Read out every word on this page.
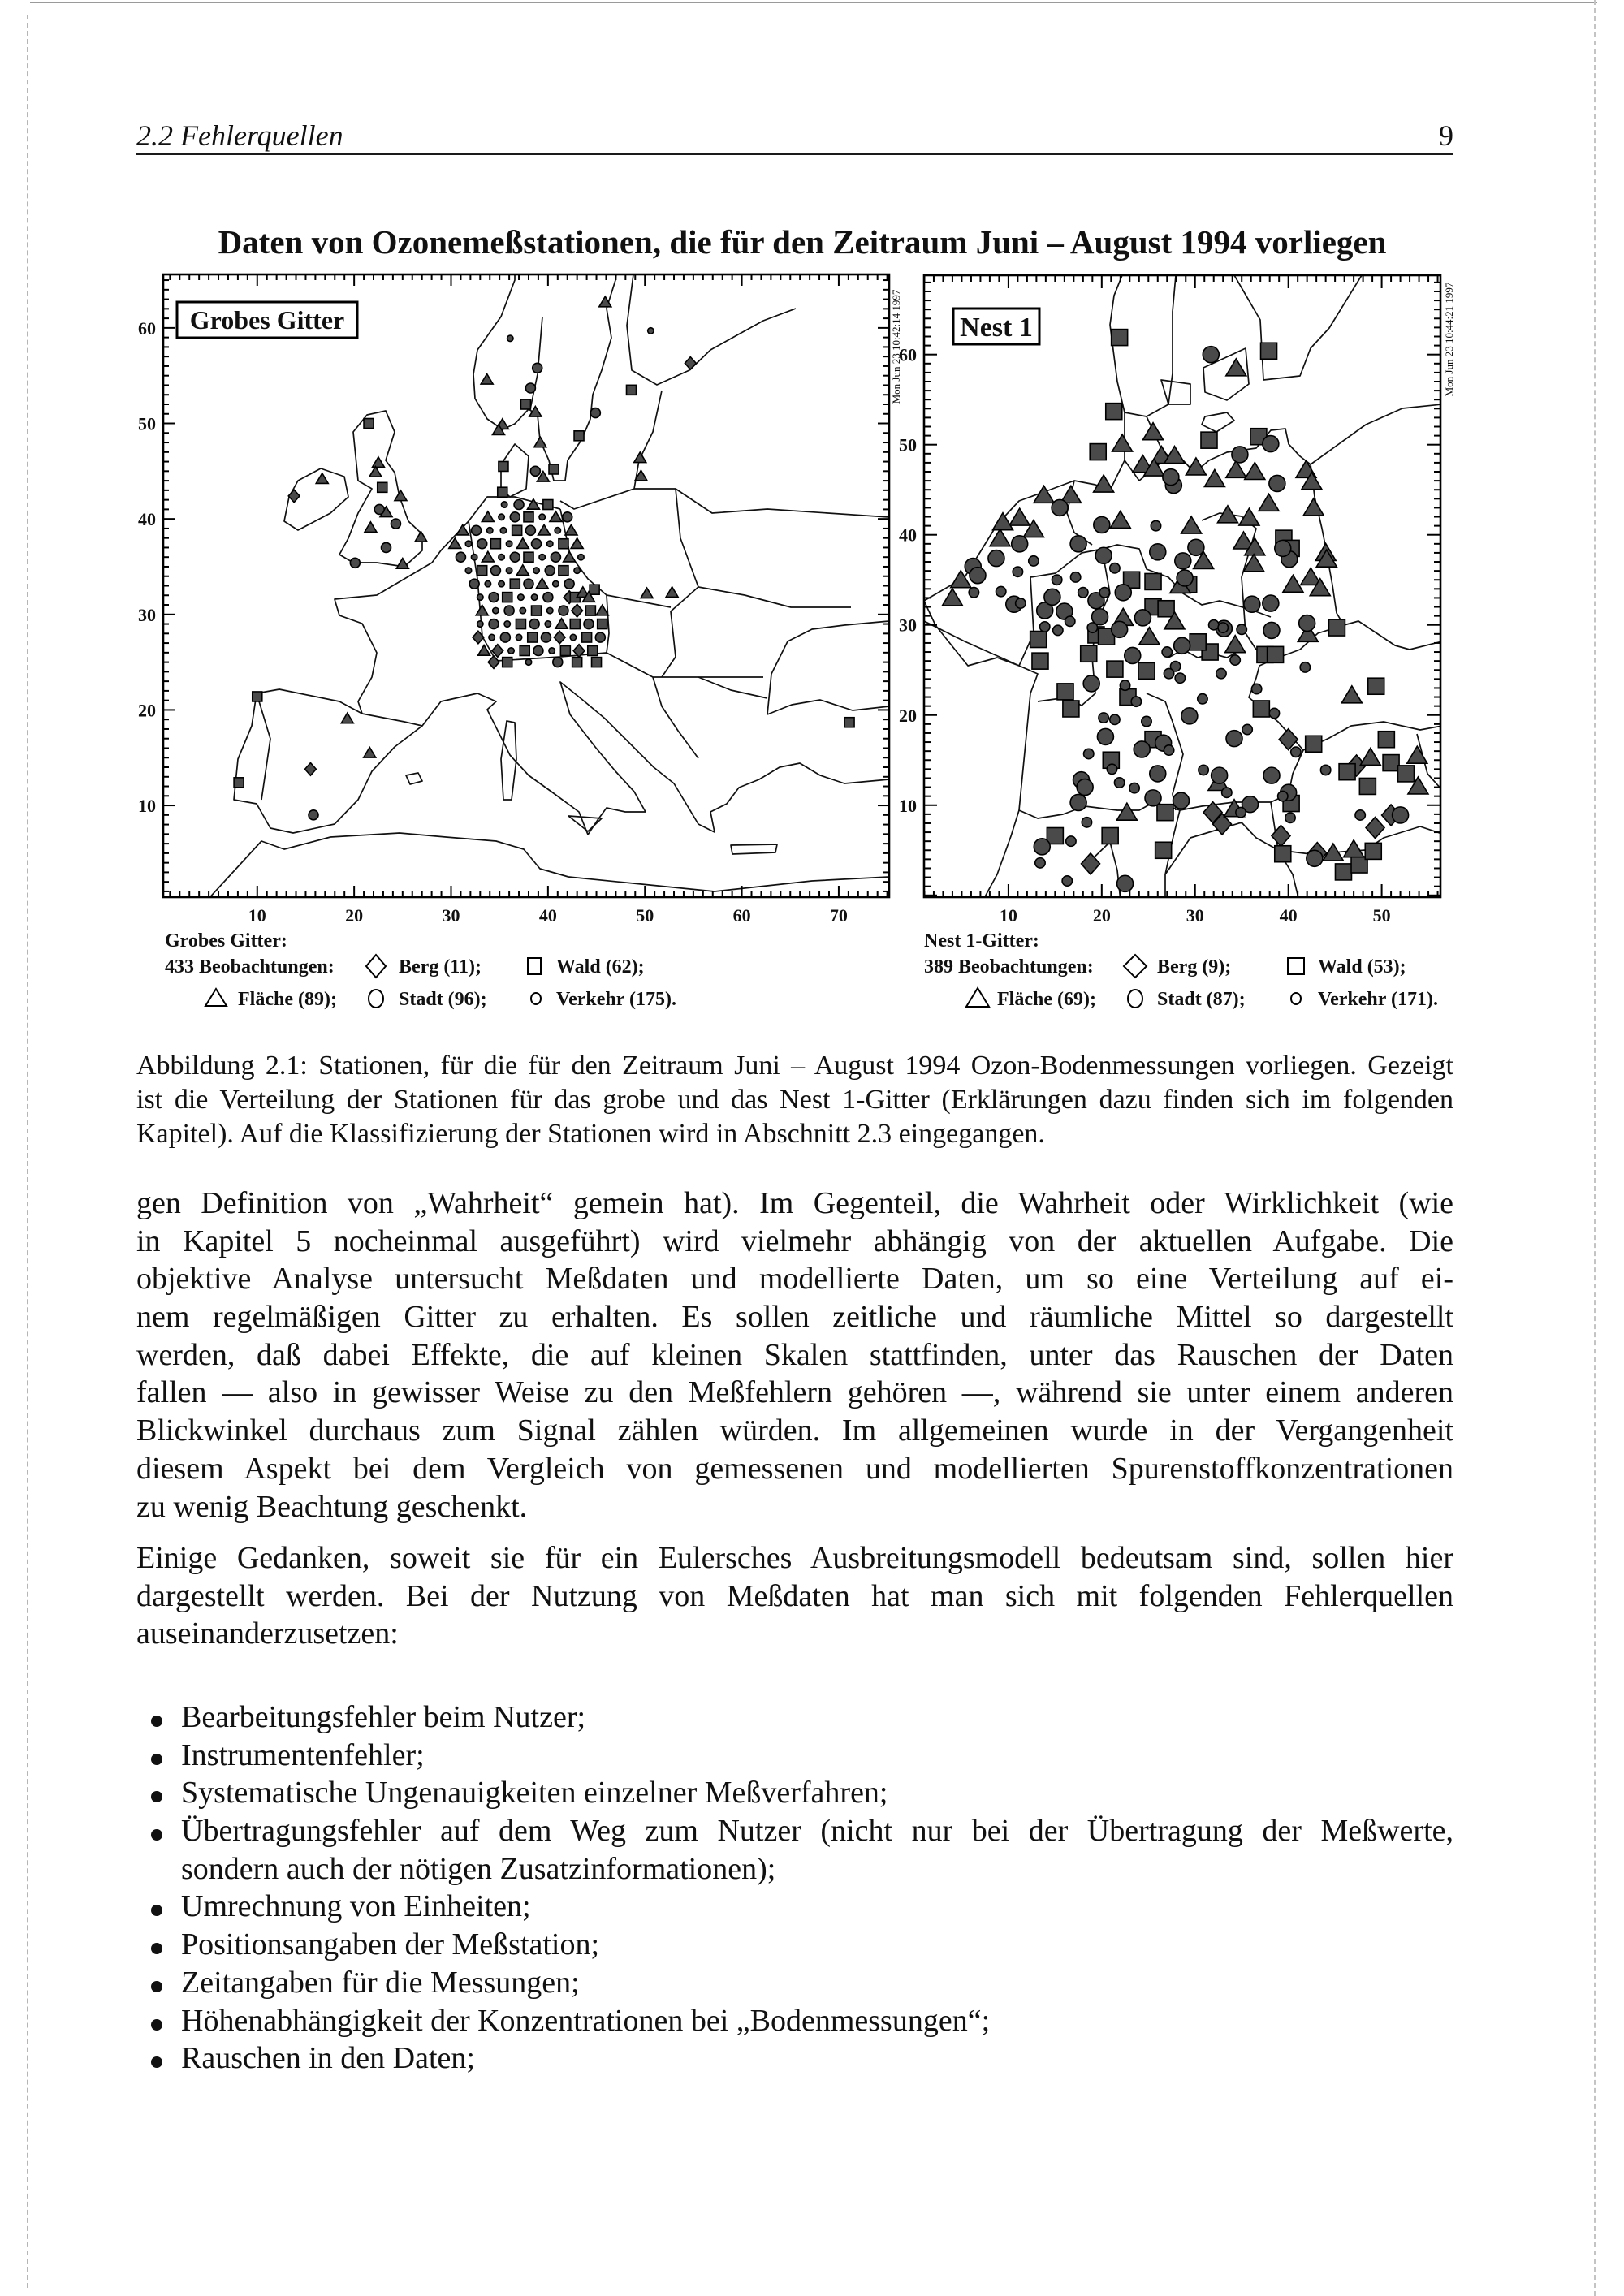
2.2 Fehlerquellen	9
Daten von Ozonemeßstationen, die für den Zeitraum Juni – August 1994 vorliegen
10	20	30	40	50	60	70
10
20
30
40
50
60 Grobes Gitter	Mon Jun 23 10:42:14 1997
10	20	30	40	50
10
20
30
40
50
60
Nest 1	Mon Jun 23 10:44:21 1997
Grobes Gitter:
433 Beobachtungen:	Berg (11);	Wald (62);
Fläche (89);	Stadt (96);	Verkehr (175).
Nest 1-Gitter:
389 Beobachtungen:	Berg (9);	Wald (53);
Fläche (69);	Stadt (87);	Verkehr (171).
Abbildung 2.1: Stationen, für die für den Zeitraum Juni – August 1994 Ozon-Bodenmessungen vorliegen. Gezeigt
ist die Verteilung der Stationen für das grobe und das Nest 1-Gitter (Erklärungen dazu finden sich im folgenden
Kapitel). Auf die Klassifizierung der Stationen wird in Abschnitt 2.3 eingegangen.
gen Definition von „Wahrheit“ gemein hat). Im Gegenteil, die Wahrheit oder Wirklichkeit (wie
in Kapitel 5 nocheinmal ausgeführt) wird vielmehr abhängig von der aktuellen Aufgabe. Die
objektive Analyse untersucht Meßdaten und modellierte Daten, um so eine Verteilung auf ei-
nem regelmäßigen Gitter zu erhalten. Es sollen zeitliche und räumliche Mittel so dargestellt
werden, daß dabei Effekte, die auf kleinen Skalen stattfinden, unter das Rauschen der Daten
fallen — also in gewisser Weise zu den Meßfehlern gehören —, während sie unter einem anderen
Blickwinkel durchaus zum Signal zählen würden. Im allgemeinen wurde in der Vergangenheit
diesem Aspekt bei dem Vergleich von gemessenen und modellierten Spurenstoffkonzentrationen
zu wenig Beachtung geschenkt.
Einige Gedanken, soweit sie für ein Eulersches Ausbreitungsmodell bedeutsam sind, sollen hier
dargestellt werden. Bei der Nutzung von Meßdaten hat man sich mit folgenden Fehlerquellen
auseinanderzusetzen:
Bearbeitungsfehler beim Nutzer;
Instrumentenfehler;
Systematische Ungenauigkeiten einzelner Meßverfahren;
Übertragungsfehler auf dem Weg zum Nutzer (nicht nur bei der Übertragung der Meßwerte,
sondern auch der nötigen Zusatzinformationen);
Umrechnung von Einheiten;
Positionsangaben der Meßstation;
Zeitangaben für die Messungen;
Höhenabhängigkeit der Konzentrationen bei „Bodenmessungen“;
Rauschen in den Daten;
